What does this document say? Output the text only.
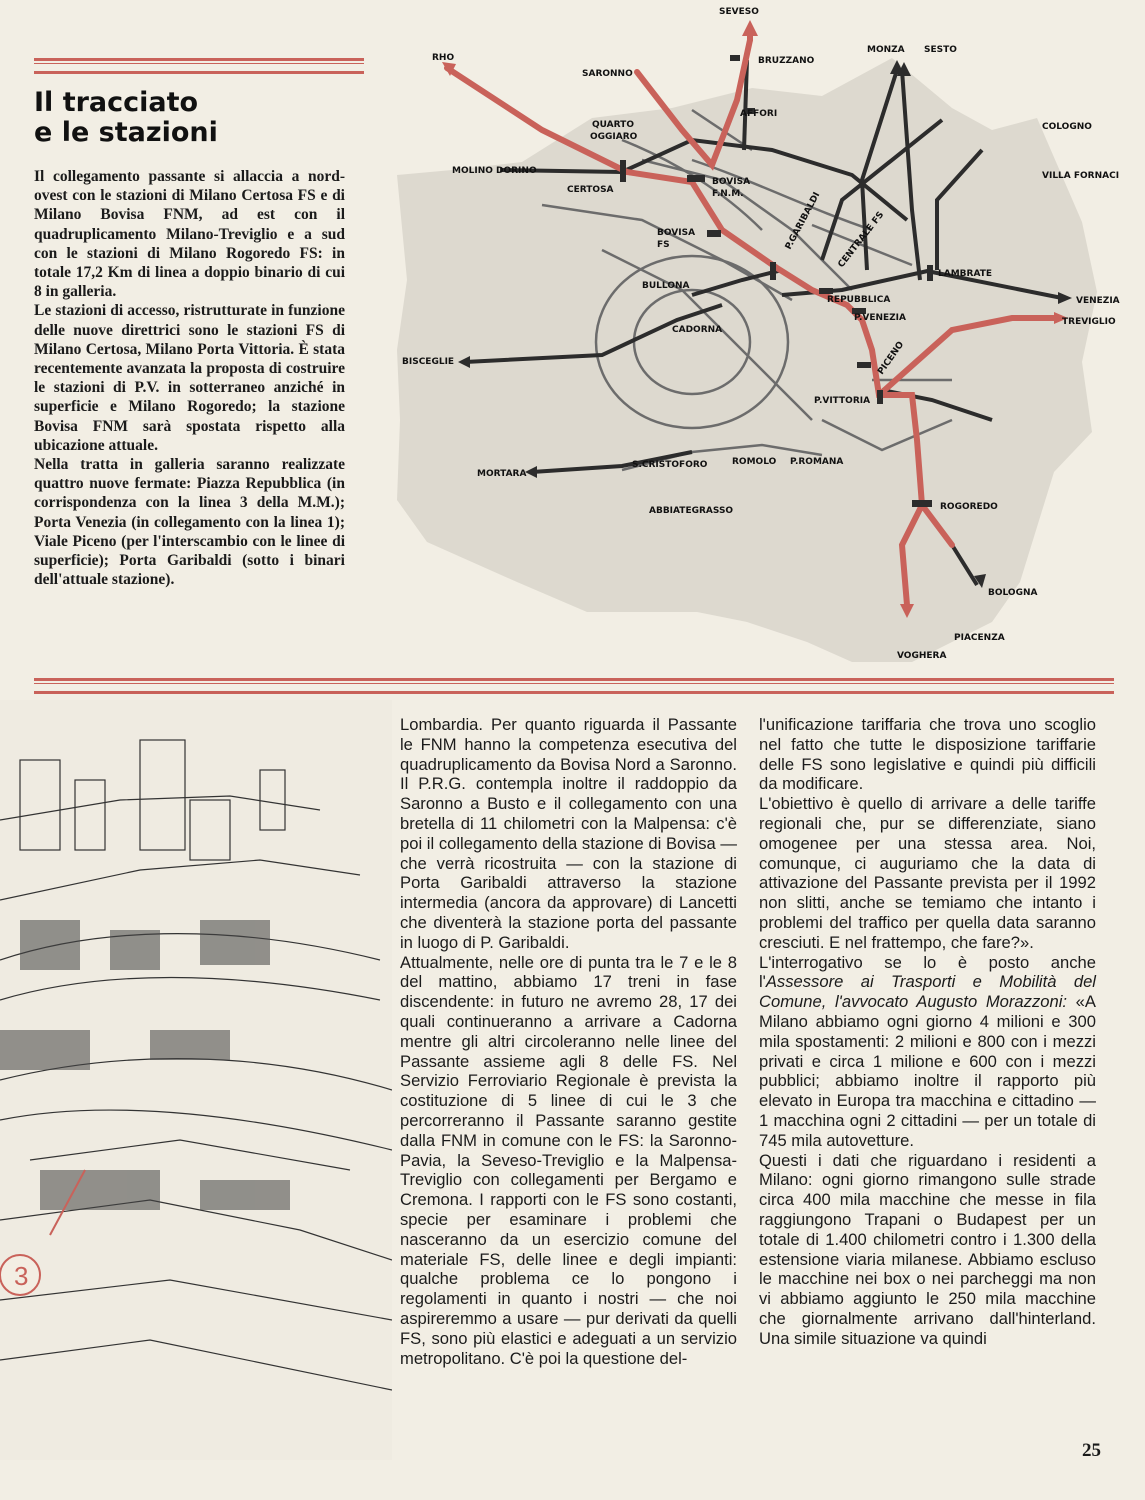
Il tracciato
e le stazioni

Il collegamento passante si allaccia a nord-ovest con le stazioni di Milano Certosa FS e di Milano Bovisa FNM, ad est con il quadruplicamento Milano-Treviglio e a sud con le stazioni di Milano Rogoredo FS: in totale 17,2 Km di linea a doppio binario di cui 8 in galleria.

Le stazioni di accesso, ristrutturate in funzione delle nuove direttrici sono le stazioni FS di Milano Certosa, Milano Porta Vittoria. È stata recentemente avanzata la proposta di costruire le stazioni di P.V. in sotterraneo anziché in superficie e Milano Rogoredo; la stazione Bovisa FNM sarà spostata rispetto alla ubicazione attuale.

Nella tratta in galleria saranno realizzate quattro nuove fermate: Piazza Repubblica (in corrispondenza con la linea 3 della M.M.); Porta Venezia (in collegamento con la linea 1); Viale Piceno (per l'interscambio con le linee di superficie); Porta Garibaldi (sotto i binari dell'attuale stazione).

SEVESO
RHO
SARONNO
BRUZZANO
MONZA SESTO
AFFORI
QUARTO
OGGIARO
COLOGNO
MOLINO DORINO
CERTOSA
BOVISA
F.N.M.
VILLA FORNACI
BOVISA
FS	P.GARIBALDI CENTRALE FS
LAMBRATE
VENEZIA
TREVIGLIO
BULLONA
REPUBBLICA
P.VENEZIA
CADORNA
PICENO
BISCEGLIE
P.VITTORIA
MORTARA
S.CRISTOFORO	ROMOLO P.ROMANA
ABBIATEGRASSO	ROGOREDO
BOLOGNA
PIACENZA
VOGHERA
3

Lombardia. Per quanto riguarda il Passante le FNM hanno la competenza esecutiva del quadruplicamento da Bovisa Nord a Saronno. Il P.R.G. contempla inoltre il raddoppio da Saronno a Busto e il collegamento con una bretella di 11 chilometri con la Malpensa: c'è poi il collegamento della stazione di Bovisa — che verrà ricostruita — con la stazione di Porta Garibaldi attraverso la stazione intermedia (ancora da approvare) di Lancetti che diventerà la stazione porta del passante in luogo di P. Garibaldi.

Attualmente, nelle ore di punta tra le 7 e le 8 del mattino, abbiamo 17 treni in fase discendente: in futuro ne avremo 28, 17 dei quali continueranno a arrivare a Cadorna mentre gli altri circoleranno nelle linee del Passante assieme agli 8 delle FS. Nel Servizio Ferroviario Regionale è prevista la costituzione di 5 linee di cui le 3 che percorreranno il Passante saranno gestite dalla FNM in comune con le FS: la Saronno-Pavia, la Seveso-Treviglio e la Malpensa-Treviglio con collegamenti per Bergamo e Cremona. I rapporti con le FS sono costanti, specie per esaminare i problemi che nasceranno da un esercizio comune del materiale FS, delle linee e degli impianti: qualche problema ce lo pongono i regolamenti in quanto i nostri — che noi aspireremmo a usare — pur derivati da quelli FS, sono più elastici e adeguati a un servizio metropolitano. C'è poi la questione del-

l'unificazione tariffaria che trova uno scoglio nel fatto che tutte le disposizione tariffarie delle FS sono legislative e quindi più difficili da modificare.

L'obiettivo è quello di arrivare a delle tariffe regionali che, pur se differenziate, siano omogenee per una stessa area. Noi, comunque, ci auguriamo che la data di attivazione del Passante prevista per il 1992 non slitti, anche se temiamo che intanto i problemi del traffico per quella data saranno cresciuti. E nel frattempo, che fare?».

L'interrogativo se lo è posto anche l'Assessore ai Trasporti e Mobilità del Comune, l'avvocato Augusto Morazzoni: «A Milano abbiamo ogni giorno 4 milioni e 300 mila spostamenti: 2 milioni e 800 con i mezzi privati e circa 1 milione e 600 con i mezzi pubblici; abbiamo inoltre il rapporto più elevato in Europa tra macchina e cittadino — 1 macchina ogni 2 cittadini — per un totale di 745 mila autovetture.

Questi i dati che riguardano i residenti a Milano: ogni giorno rimangono sulle strade circa 400 mila macchine che messe in fila raggiungono Trapani o Budapest per un totale di 1.400 chilometri contro i 1.300 della estensione viaria milanese. Abbiamo escluso le macchine nei box o nei parcheggi ma non vi abbiamo aggiunto le 250 mila macchine che giornalmente arrivano dall'hinterland. Una simile situazione va quindi

25
